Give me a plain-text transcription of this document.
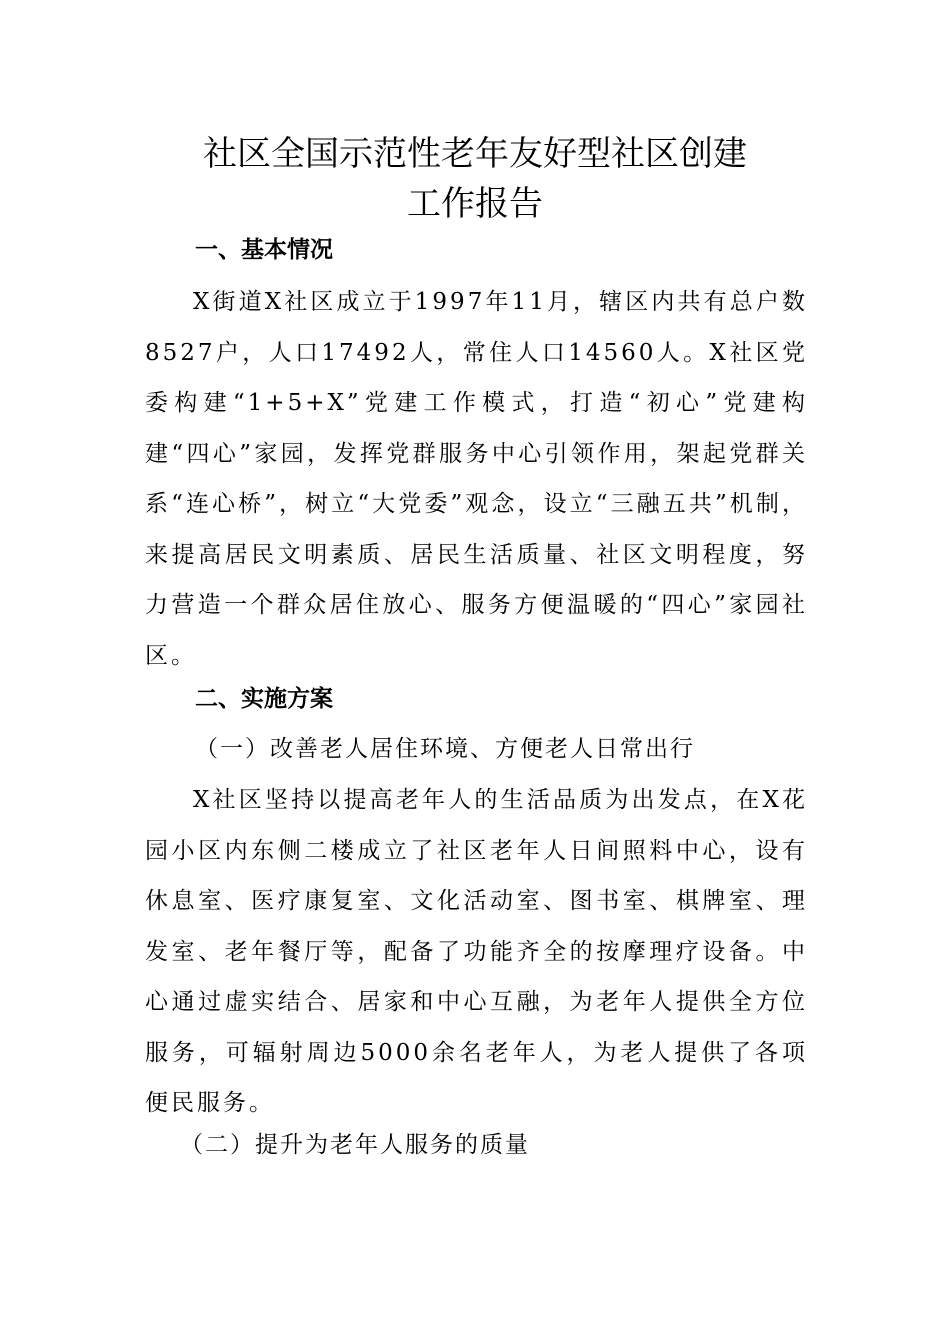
社区全国示范性老年友好型社区创建
工作报告
一、基本情况

X街道X社区成立于1997年11月，辖区内共有总户数8527户，人口17492人，常住人口14560人。X社区党委构建“1+5+X”党建工作模式，打造“初心”党建构建“四心”家园，发挥党群服务中心引领作用，架起党群关系“连心桥”，树立“大党委”观念，设立“三融五共”机制，来提高居民文明素质、居民生活质量、社区文明程度，努力营造一个群众居住放心、服务方便温暖的“四心”家园社区。

二、实施方案
（一）改善老人居住环境、方便老人日常出行

X社区坚持以提高老年人的生活品质为出发点，在X花园小区内东侧二楼成立了社区老年人日间照料中心，设有休息室、医疗康复室、文化活动室、图书室、棋牌室、理发室、老年餐厅等，配备了功能齐全的按摩理疗设备。中心通过虚实结合、居家和中心互融，为老年人提供全方位服务，可辐射周边5000余名老年人，为老人提供了各项便民服务。

（二）提升为老年人服务的质量
